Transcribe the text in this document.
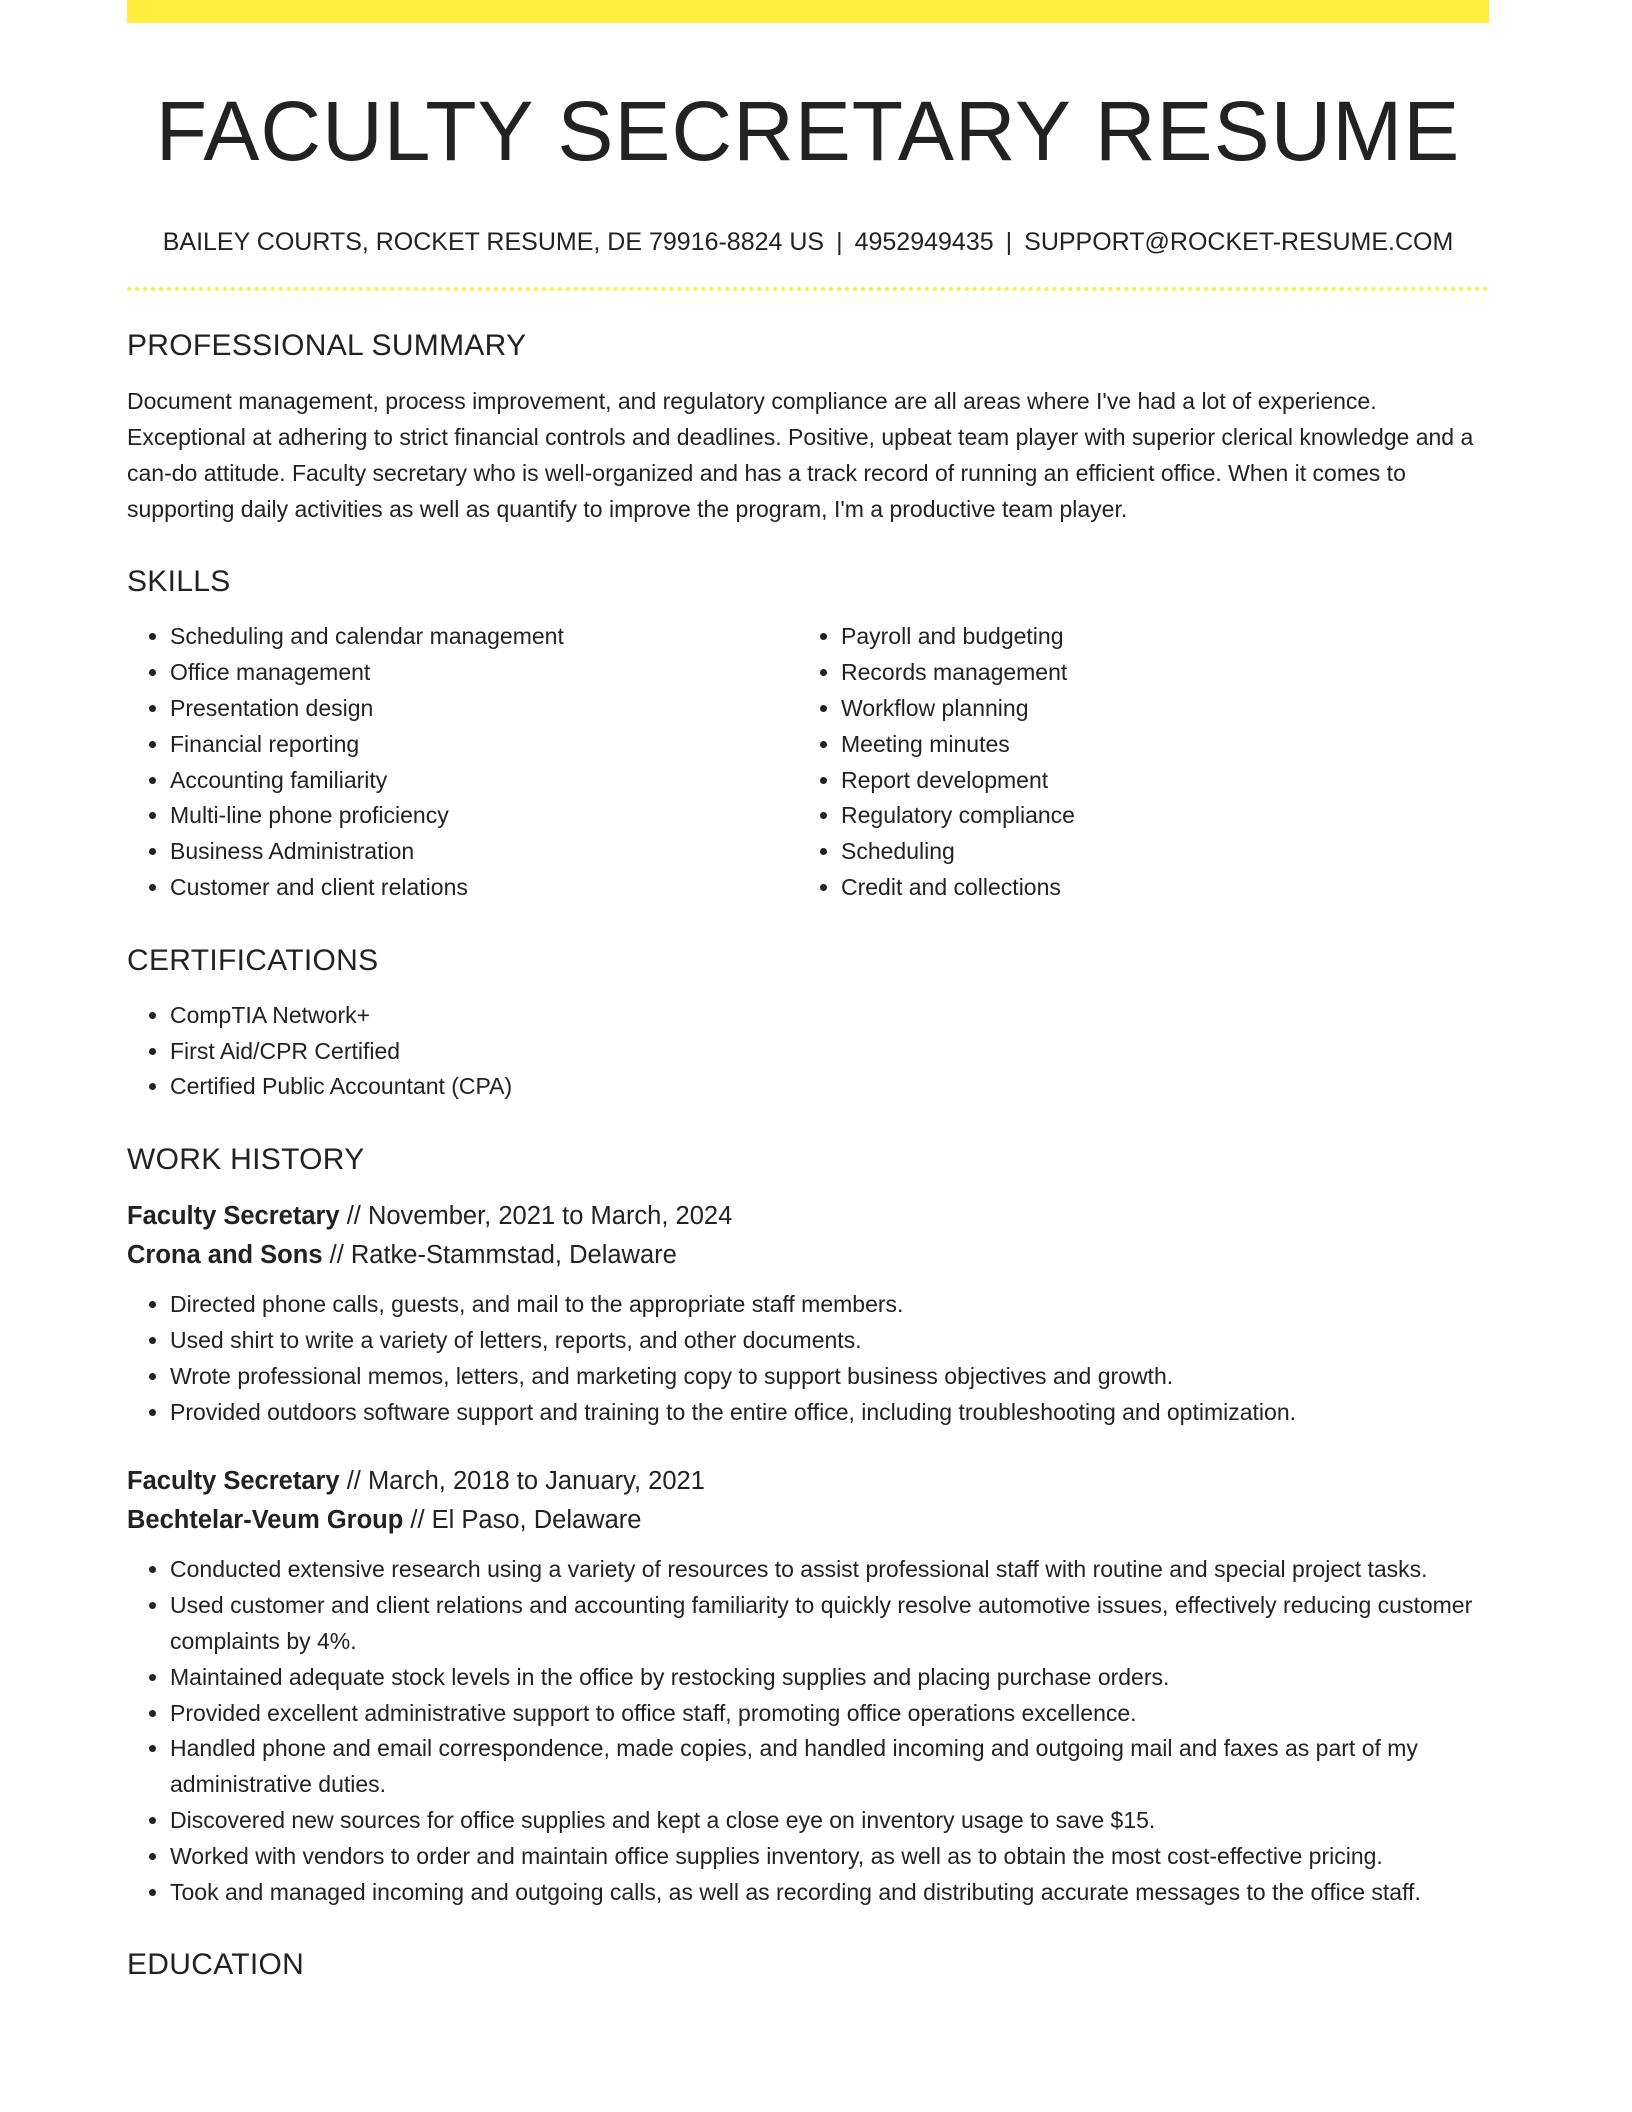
FACULTY SECRETARY RESUME
BAILEY COURTS, ROCKET RESUME, DE 79916-8824 US | 4952949435 | SUPPORT@ROCKET-RESUME.COM
PROFESSIONAL SUMMARY

Document management, process improvement, and regulatory compliance are all areas where I've had a lot of experience. Exceptional at adhering to strict financial controls and deadlines. Positive, upbeat team player with superior clerical knowledge and a can-do attitude. Faculty secretary who is well-organized and has a track record of running an efficient office. When it comes to supporting daily activities as well as quantify to improve the program, I'm a productive team player.

SKILLS
• Scheduling and calendar management
• Office management
• Presentation design
• Financial reporting
• Accounting familiarity
• Multi-line phone proficiency
• Business Administration
• Customer and client relations
• Payroll and budgeting
• Records management
• Workflow planning
• Meeting minutes
• Report development
• Regulatory compliance
• Scheduling
• Credit and collections
CERTIFICATIONS
• CompTIA Network+
• First Aid/CPR Certified
• Certified Public Accountant (CPA)
WORK HISTORY
Faculty Secretary // November, 2021 to March, 2024
Crona and Sons // Ratke-Stammstad, Delaware
• Directed phone calls, guests, and mail to the appropriate staff members.
• Used shirt to write a variety of letters, reports, and other documents.
• Wrote professional memos, letters, and marketing copy to support business objectives and growth.
• Provided outdoors software support and training to the entire office, including troubleshooting and optimization.
Faculty Secretary // March, 2018 to January, 2021
Bechtelar-Veum Group // El Paso, Delaware
• Conducted extensive research using a variety of resources to assist professional staff with routine and special project tasks.
• Used customer and client relations and accounting familiarity to quickly resolve automotive issues, effectively reducing customer complaints by 4%.
• Maintained adequate stock levels in the office by restocking supplies and placing purchase orders.
• Provided excellent administrative support to office staff, promoting office operations excellence.
• Handled phone and email correspondence, made copies, and handled incoming and outgoing mail and faxes as part of my administrative duties.
• Discovered new sources for office supplies and kept a close eye on inventory usage to save $15.
• Worked with vendors to order and maintain office supplies inventory, as well as to obtain the most cost-effective pricing.
• Took and managed incoming and outgoing calls, as well as recording and distributing accurate messages to the office staff.
EDUCATION
